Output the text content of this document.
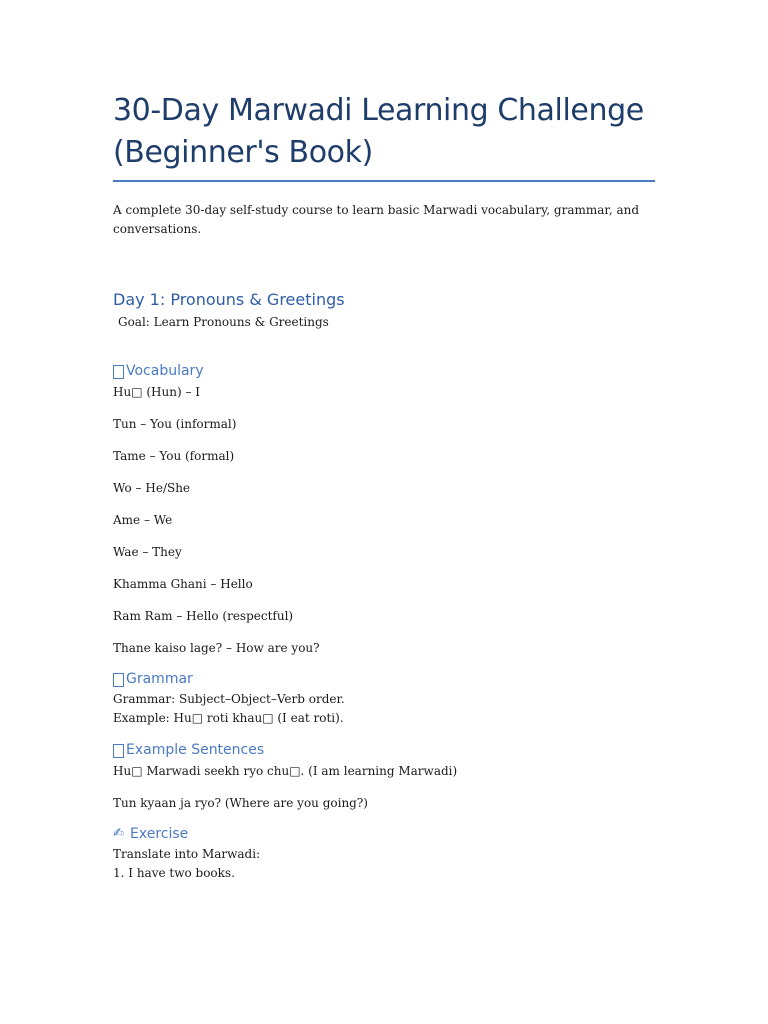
30-Day Marwadi Learning Challenge
(Beginner's Book)
A complete 30-day self-study course to learn basic Marwadi vocabulary, grammar, and
conversations.
Day 1: Pronouns & Greetings
Goal: Learn Pronouns & Greetings
Vocabulary
Hu□ (Hun) – I
Tun – You (informal)
Tame – You (formal)
Wo – He/She
Ame – We
Wae – They
Khamma Ghani – Hello
Ram Ram – Hello (respectful)
Thane kaiso lage? – How are you?
Grammar
Grammar: Subject–Object–Verb order.
Example: Hu□ roti khau□ (I eat roti).
Example Sentences
Hu□ Marwadi seekh ryo chu□. (I am learning Marwadi)
Tun kyaan ja ryo? (Where are you going?)
✍ Exercise
Translate into Marwadi:
1. I have two books.
